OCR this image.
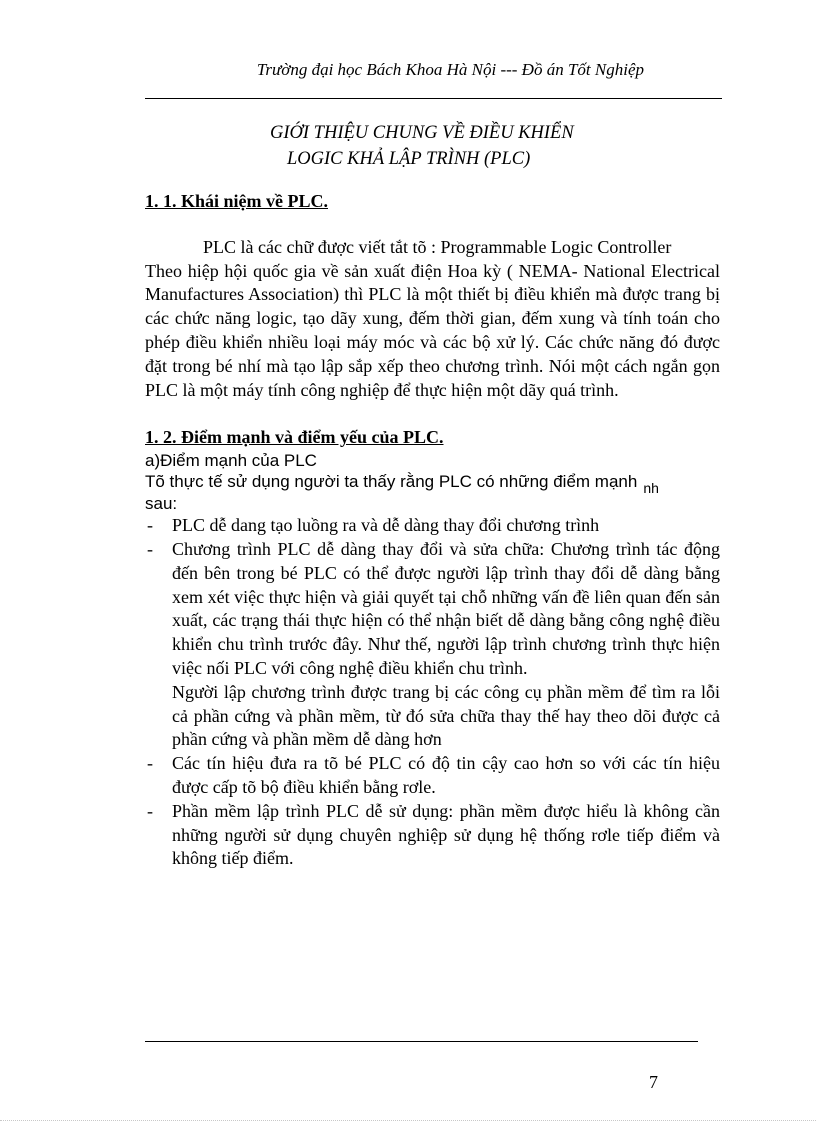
Trường đại học Bách Khoa Hà Nội --- Đồ án Tốt Nghiệp
GIỚI THIỆU CHUNG VỀ ĐIỀU KHIỂN
LOGIC KHẢ LẬP TRÌNH (PLC)

1. 1. Khái niệm về PLC.

PLC là các chữ được viết tắt tõ : Programmable Logic Controller

Theo hiệp hội quốc gia về sản xuất điện Hoa kỳ ( NEMA- National Electrical Manufactures Association) thì PLC là một thiết bị điều khiển mà được trang bị các chức năng logic, tạo dãy xung, đếm thời gian, đếm xung và tính toán cho phép điều khiển nhiều loại máy móc và các bộ xử lý. Các chức năng đó được đặt trong bé nhí mà tạo lập sắp xếp theo chương trình. Nói một cách ngắn gọn PLC là một máy tính công nghiệp để thực hiện một dãy quá trình.

1. 2. Điểm mạnh và điểm yếu của PLC.

a)Điểm mạnh của PLC

Tõ thực tế sử dụng người ta thấy rằng PLC có những điểm mạnh $_{nh}$
sau:

- PLC dễ dang tạo luồng ra và dễ dàng thay đổi chương trình
- Chương trình PLC dễ dàng thay đổi và sửa chữa: Chương trình tác động đến bên trong bé PLC có thể được người lập trình thay đổi dễ dàng bằng xem xét việc thực hiện và giải quyết tại chỗ những vấn đề liên quan đến sản xuất, các trạng thái thực hiện có thể nhận biết dễ dàng bằng công nghệ điều khiển chu trình trước đây. Như thế, người lập trình chương trình thực hiện việc nối PLC với công nghệ điều khiển chu trình.

Người lập chương trình được trang bị các công cụ phần mềm để tìm ra lỗi cả phần cứng và phần mềm, từ đó sửa chữa thay thế hay theo dõi được cả phần cứng và phần mềm dễ dàng hơn

- Các tín hiệu đưa ra tõ bé PLC có độ tin cậy cao hơn so với các tín hiệu được cấp tõ bộ điều khiển bằng rơle.
- Phần mềm lập trình PLC dễ sử dụng: phần mềm được hiểu là không cần những người sử dụng chuyên nghiệp sử dụng hệ thống rơle tiếp điểm và không tiếp điểm.
7
